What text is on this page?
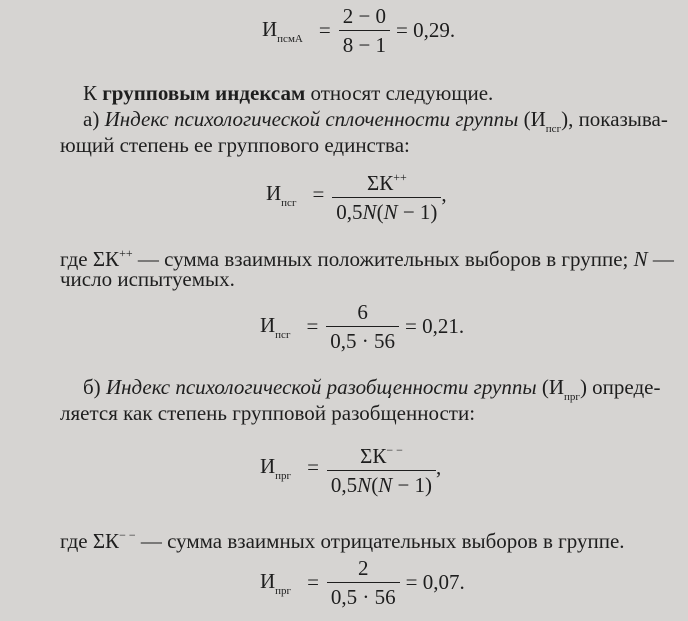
$И_{псмА} = \frac{2 - 0}{8 - 1} = 0,29$.
К групповым индексам относят следующие.
а) Индекс психологической сплоченности группы $(И_{псг})$, показыва-
ющий степень ее группового единства:
$И_{псг} = \frac{\Sigma К^{++}}{0,5N(N - 1)}$ ,
где ΣК++ — сумма взаимных положительных выборов в группе; N —
число испытуемых.
$И_{псг} = \frac{6}{0,5 \cdot 56} = 0,21$.
б) Индекс психологической разобщенности группы $(И_{прг})$ опреде-
ляется как степень групповой разобщенности:
$И_{прг} = \frac{\Sigma К^{- -}}{0,5N(N - 1)}$ ,
где ΣК− − — сумма взаимных отрицательных выборов в группе.
$И_{прг} = \frac{2}{0,5 \cdot 56} = 0,07$.
